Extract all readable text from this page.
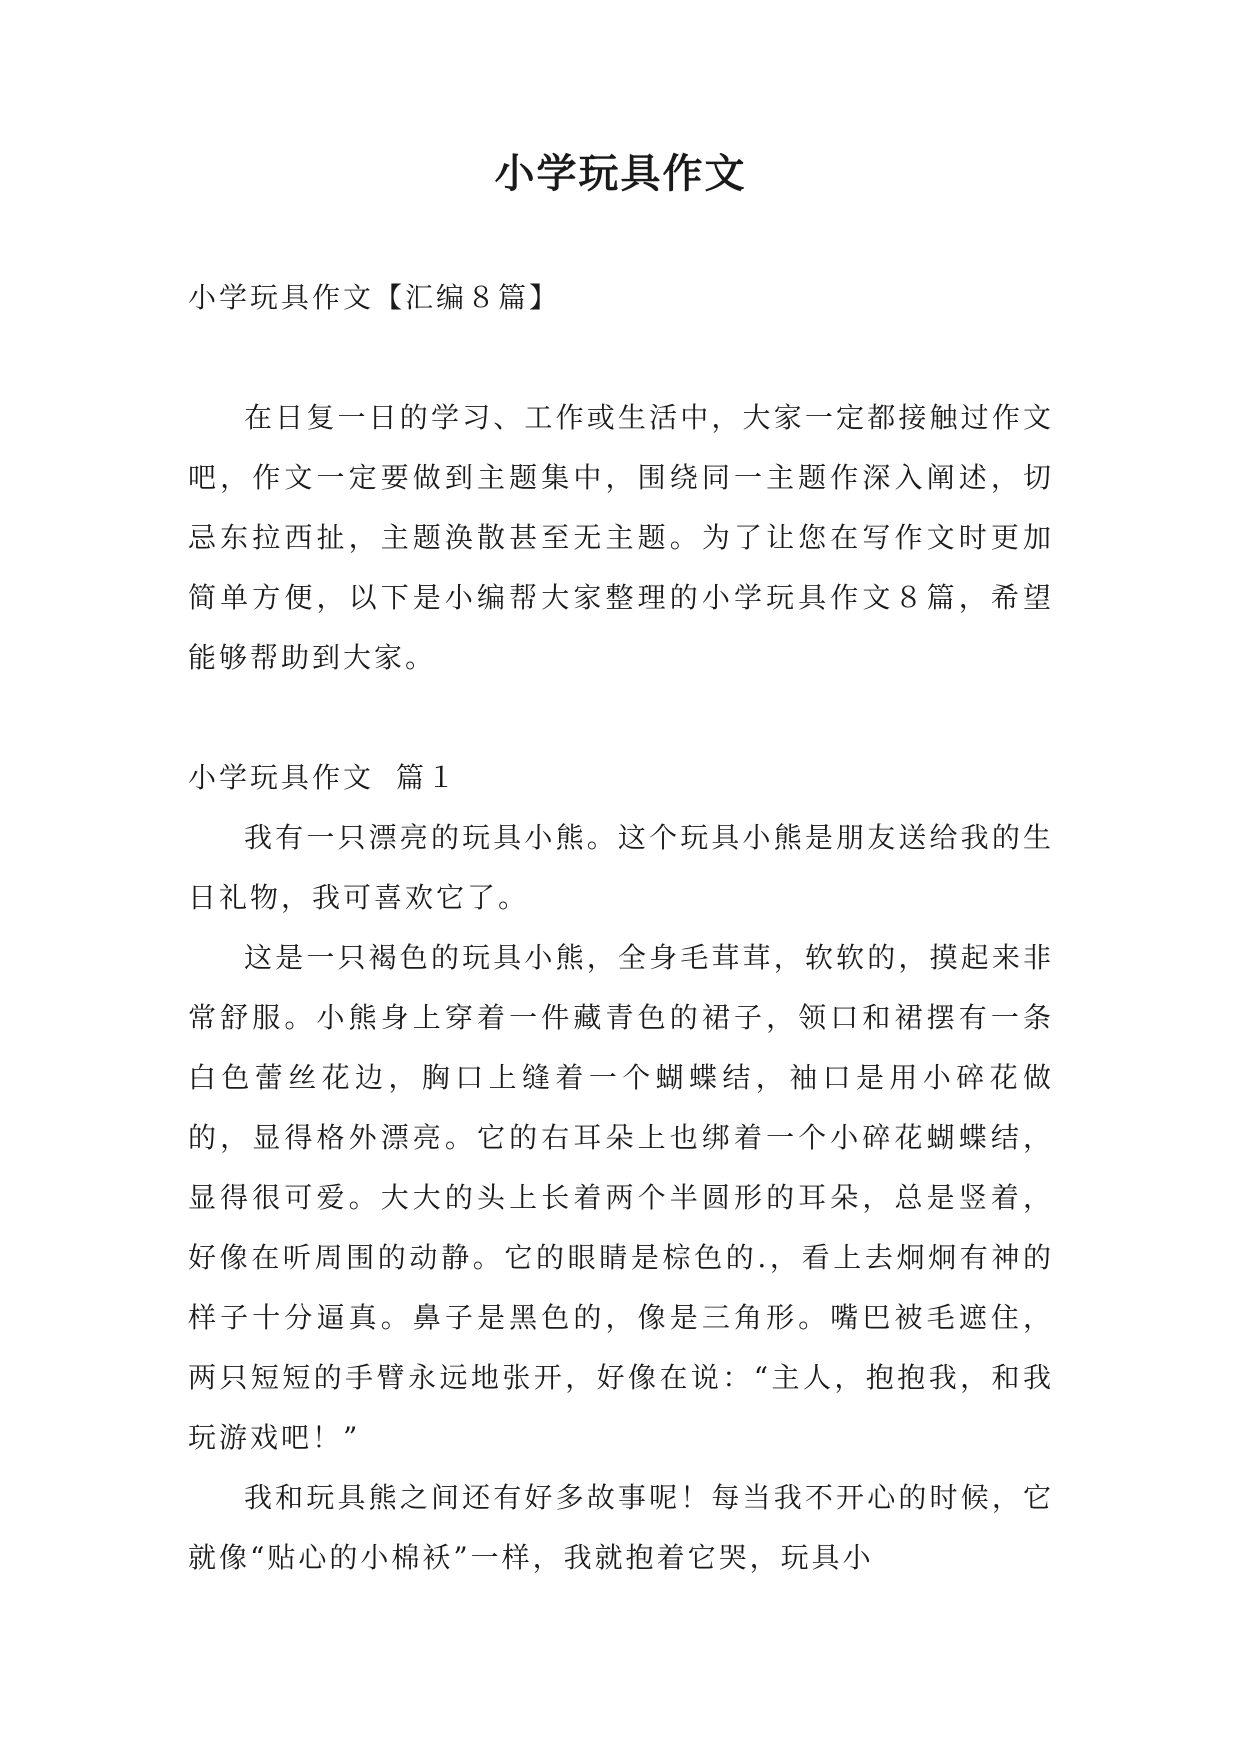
小学玩具作文

小学玩具作文【汇编８篇】

在日复一日的学习、工作或生活中，大家一定都接触过作文吧，作文一定要做到主题集中，围绕同一主题作深入阐述，切忌东拉西扯，主题涣散甚至无主题。为了让您在写作文时更加简单方便，以下是小编帮大家整理的小学玩具作文８篇，希望能够帮助到大家。

小学玩具作文 篇１

我有一只漂亮的玩具小熊。这个玩具小熊是朋友送给我的生日礼物，我可喜欢它了。

这是一只褐色的玩具小熊，全身毛茸茸，软软的，摸起来非常舒服。小熊身上穿着一件藏青色的裙子，领口和裙摆有一条白色蕾丝花边，胸口上缝着一个蝴蝶结，袖口是用小碎花做的，显得格外漂亮。它的右耳朵上也绑着一个小碎花蝴蝶结，显得很可爱。大大的头上长着两个半圆形的耳朵，总是竖着，好像在听周围的动静。它的眼睛是棕色的.，看上去炯炯有神的样子十分逼真。鼻子是黑色的，像是三角形。嘴巴被毛遮住，两只短短的手臂永远地张开，好像在说：“主人，抱抱我，和我玩游戏吧！”

我和玩具熊之间还有好多故事呢！每当我不开心的时候，它就像“贴心的小棉袄”一样，我就抱着它哭，玩具小
